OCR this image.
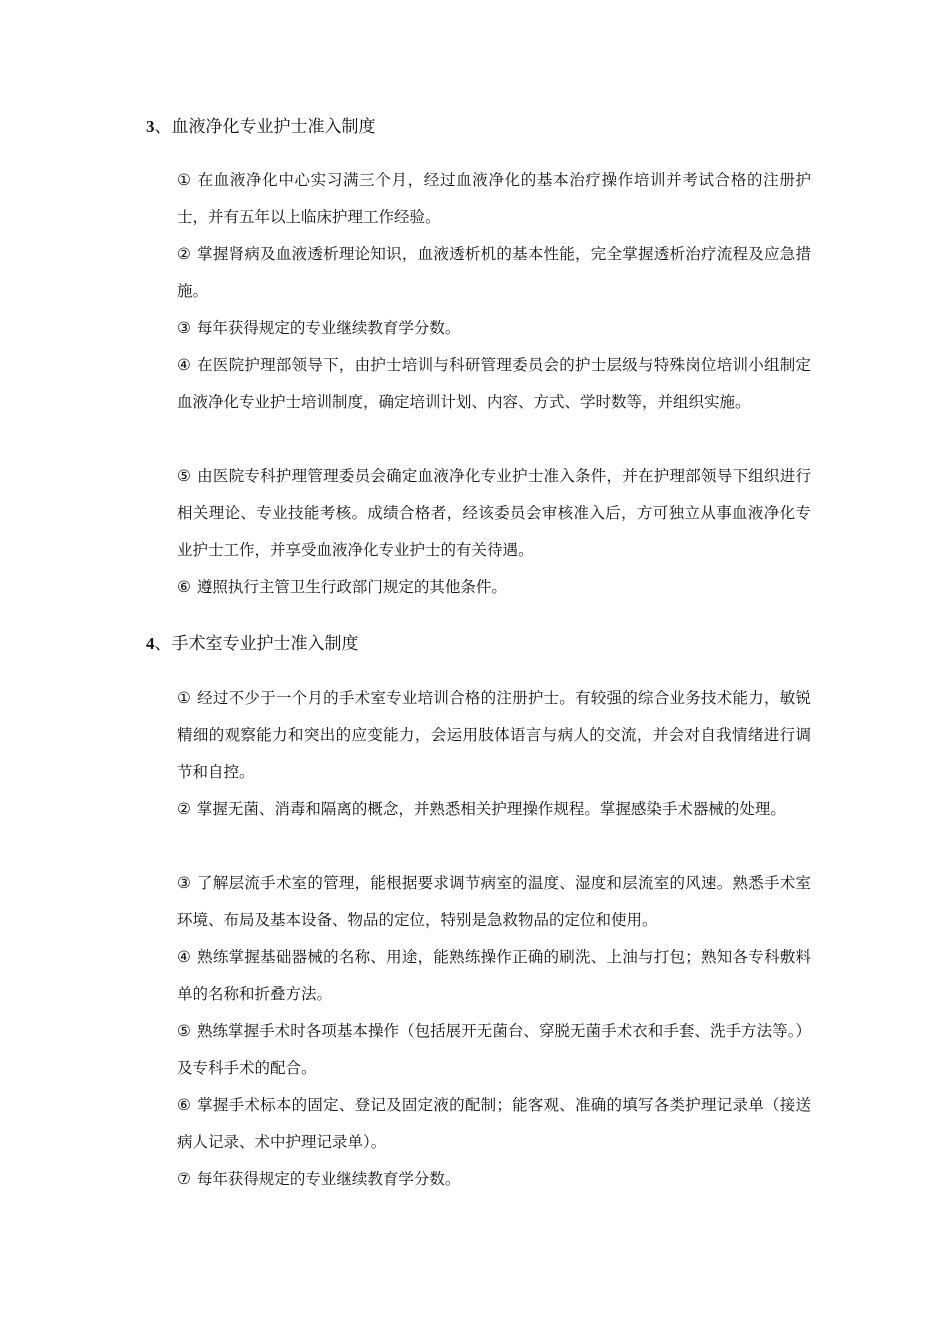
3、血液净化专业护士准入制度
① 在血液净化中心实习满三个月，经过血液净化的基本治疗操作培训并考试合格的注册护士，并有五年以上临床护理工作经验。
② 掌握肾病及血液透析理论知识，血液透析机的基本性能，完全掌握透析治疗流程及应急措施。
③ 每年获得规定的专业继续教育学分数。
④ 在医院护理部领导下，由护士培训与科研管理委员会的护士层级与特殊岗位培训小组制定血液净化专业护士培训制度，确定培训计划、内容、方式、学时数等，并组织实施。
⑤ 由医院专科护理管理委员会确定血液净化专业护士准入条件，并在护理部领导下组织进行相关理论、专业技能考核。成绩合格者，经该委员会审核准入后，方可独立从事血液净化专业护士工作，并享受血液净化专业护士的有关待遇。
⑥ 遵照执行主管卫生行政部门规定的其他条件。
4、手术室专业护士准入制度
① 经过不少于一个月的手术室专业培训合格的注册护士。有较强的综合业务技术能力，敏锐精细的观察能力和突出的应变能力，会运用肢体语言与病人的交流，并会对自我情绪进行调节和自控。
② 掌握无菌、消毒和隔离的概念，并熟悉相关护理操作规程。掌握感染手术器械的处理。
③ 了解层流手术室的管理，能根据要求调节病室的温度、湿度和层流室的风速。熟悉手术室环境、布局及基本设备、物品的定位，特别是急救物品的定位和使用。
④ 熟练掌握基础器械的名称、用途，能熟练操作正确的刷洗、上油与打包；熟知各专科敷料单的名称和折叠方法。
⑤ 熟练掌握手术时各项基本操作（包括展开无菌台、穿脱无菌手术衣和手套、洗手方法等。）及专科手术的配合。
⑥ 掌握手术标本的固定、登记及固定液的配制；能客观、准确的填写各类护理记录单（接送病人记录、术中护理记录单）。
⑦ 每年获得规定的专业继续教育学分数。
